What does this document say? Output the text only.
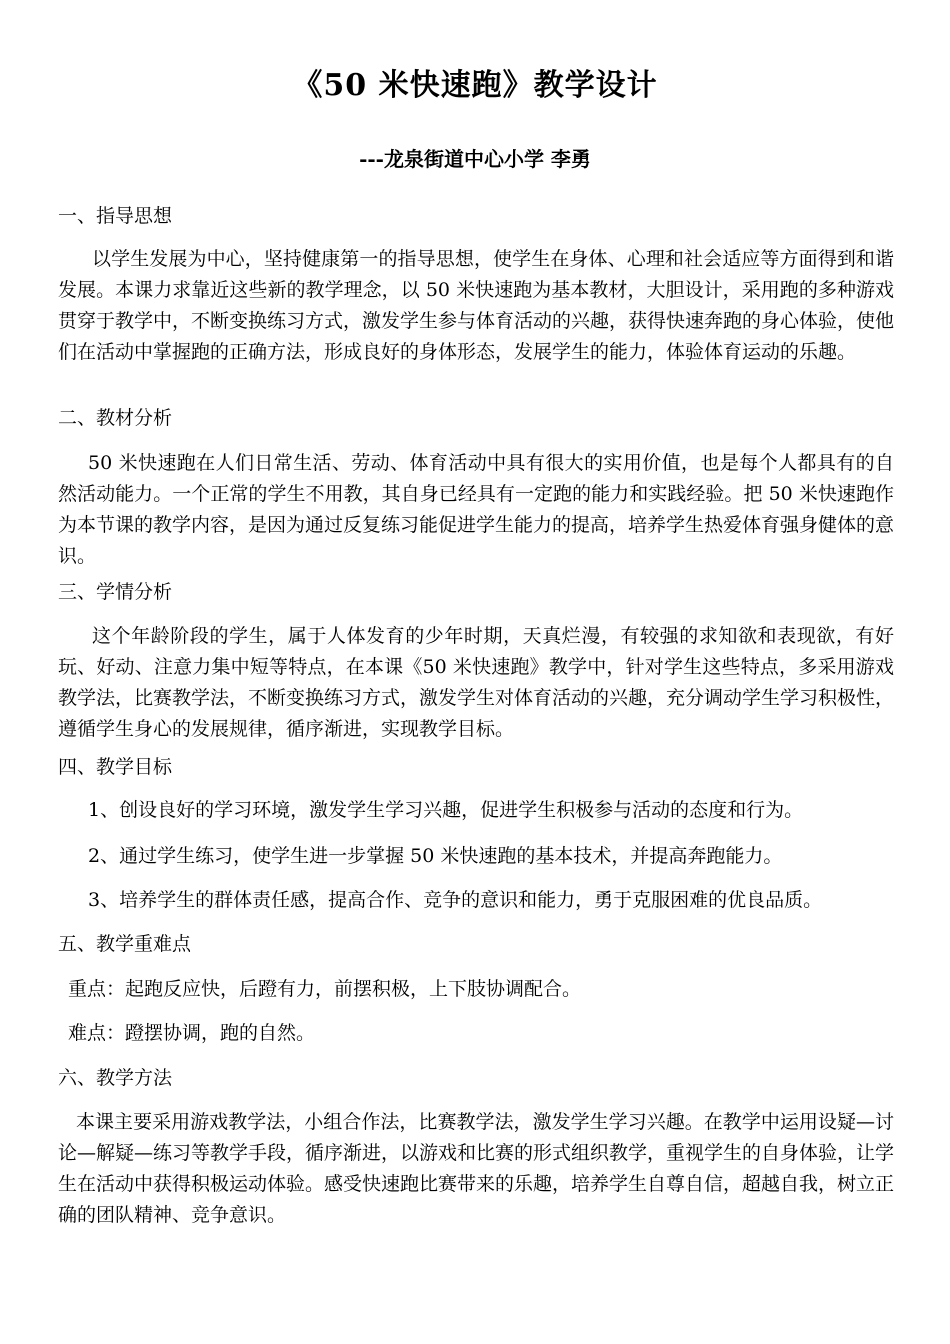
《50 米快速跑》教学设计
---龙泉街道中心小学 李勇
一、指导思想
以学生发展为中心，坚持健康第一的指导思想，使学生在身体、心理和社会适应等方面得到和谐发展。本课力求靠近这些新的教学理念，以 50 米快速跑为基本教材，大胆设计，采用跑的多种游戏贯穿于教学中，不断变换练习方式，激发学生参与体育活动的兴趣，获得快速奔跑的身心体验，使他们在活动中掌握跑的正确方法，形成良好的身体形态，发展学生的能力，体验体育运动的乐趣。
二、教材分析
50 米快速跑在人们日常生活、劳动、体育活动中具有很大的实用价值，也是每个人都具有的自然活动能力。一个正常的学生不用教，其自身已经具有一定跑的能力和实践经验。把 50 米快速跑作为本节课的教学内容，是因为通过反复练习能促进学生能力的提高，培养学生热爱体育强身健体的意识。
三、学情分析
这个年龄阶段的学生，属于人体发育的少年时期，天真烂漫，有较强的求知欲和表现欲，有好玩、好动、注意力集中短等特点，在本课《50 米快速跑》教学中，针对学生这些特点，多采用游戏教学法，比赛教学法，不断变换练习方式，激发学生对体育活动的兴趣，充分调动学生学习积极性，遵循学生身心的发展规律，循序渐进，实现教学目标。
四、教学目标
1、创设良好的学习环境，激发学生学习兴趣，促进学生积极参与活动的态度和行为。
2、通过学生练习，使学生进一步掌握 50 米快速跑的基本技术，并提高奔跑能力。
3、培养学生的群体责任感，提高合作、竞争的意识和能力，勇于克服困难的优良品质。
五、教学重难点
重点：起跑反应快，后蹬有力，前摆积极，上下肢协调配合。
难点：蹬摆协调，跑的自然。
六、教学方法
本课主要采用游戏教学法，小组合作法，比赛教学法，激发学生学习兴趣。在教学中运用设疑—讨论—解疑—练习等教学手段，循序渐进，以游戏和比赛的形式组织教学，重视学生的自身体验，让学生在活动中获得积极运动体验。感受快速跑比赛带来的乐趣，培养学生自尊自信，超越自我，树立正确的团队精神、竞争意识。
